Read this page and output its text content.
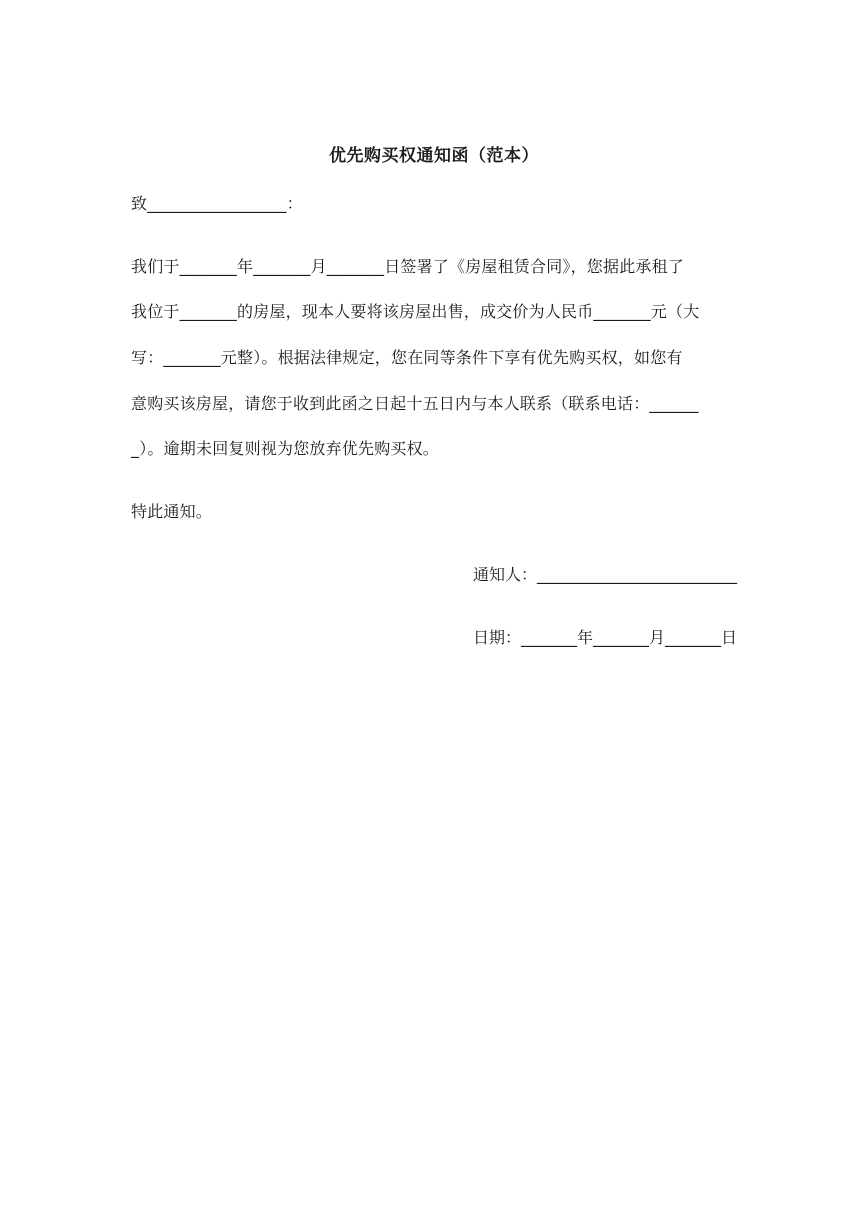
优先购买权通知函（范本）
致_________________：
我们于_______年_______月_______日签署了《房屋租赁合同》，您据此承租了
我位于_______的房屋，现本人要将该房屋出售，成交价为人民币_______元（大
写：_______元整）。根据法律规定，您在同等条件下享有优先购买权，如您有
意购买该房屋，请您于收到此函之日起十五日内与本人联系（联系电话：______
_）。逾期未回复则视为您放弃优先购买权。
特此通知。
通知人：_________________________
日期：_______年_______月_______日
